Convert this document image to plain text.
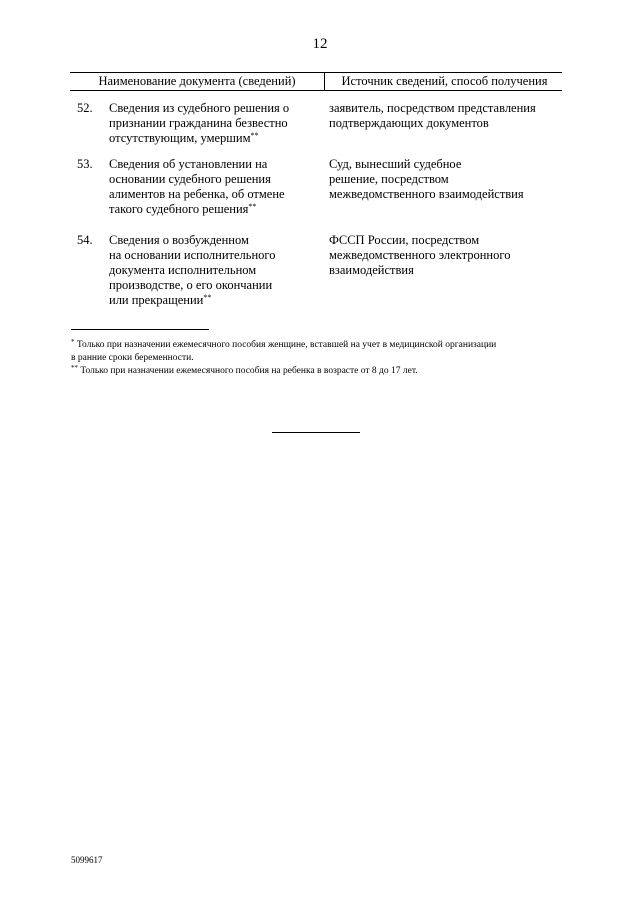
12
Наименование документа (сведений)	Источник сведений, способ получения
52. Сведения из судебного решения о
признании гражданина безвестно
отсутствующим, умершим**
заявитель, посредством представления
подтверждающих документов
53. Сведения об установлении на
основании судебного решения
алиментов на ребенка, об отмене
такого судебного решения**
Суд, вынесший судебное
решение, посредством
межведомственного взаимодействия
54. Сведения о возбужденном
на основании исполнительного
документа исполнительном
производстве, о его окончании
или прекращении**
ФССП России, посредством
межведомственного электронного
взаимодействия
* Только при назначении ежемесячного пособия женщине, вставшей на учет в медицинской организации
в ранние сроки беременности.
** Только при назначении ежемесячного пособия на ребенка в возрасте от 8 до 17 лет.
5099617
